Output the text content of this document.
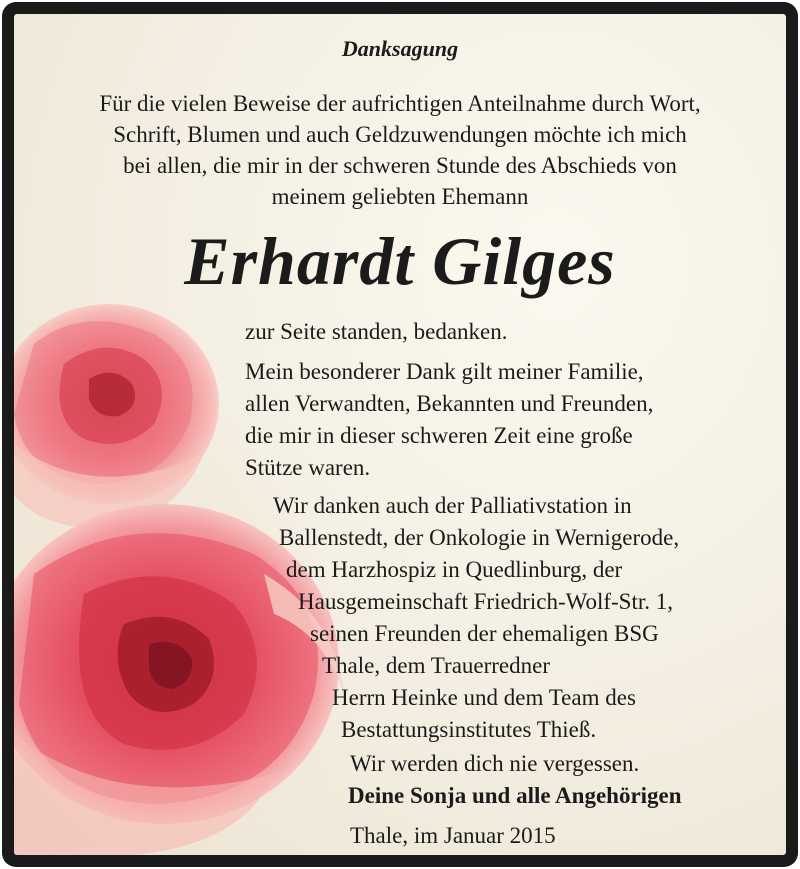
Danksagung

Für die vielen Beweise der aufrichtigen Anteilnahme durch Wort,

Schrift, Blumen und auch Geldzuwendungen möchte ich mich

bei allen, die mir in der schweren Stunde des Abschieds von

meinem geliebten Ehemann

Erhardt Gilges

zur Seite standen, bedanken.

Mein besonderer Dank gilt meiner Familie,

allen Verwandten, Bekannten und Freunden,

die mir in dieser schweren Zeit eine große

Stütze waren.

Wir danken auch der Palliativstation in

Ballenstedt, der Onkologie in Wernigerode,

dem Harzhospiz in Quedlinburg, der

Hausgemeinschaft Friedrich-Wolf-Str. 1,

seinen Freunden der ehemaligen BSG

Thale, dem Trauerredner

Herrn Heinke und dem Team des

Bestattungsinstitutes Thieß.

Wir werden dich nie vergessen.

Deine Sonja und alle Angehörigen

Thale, im Januar 2015
